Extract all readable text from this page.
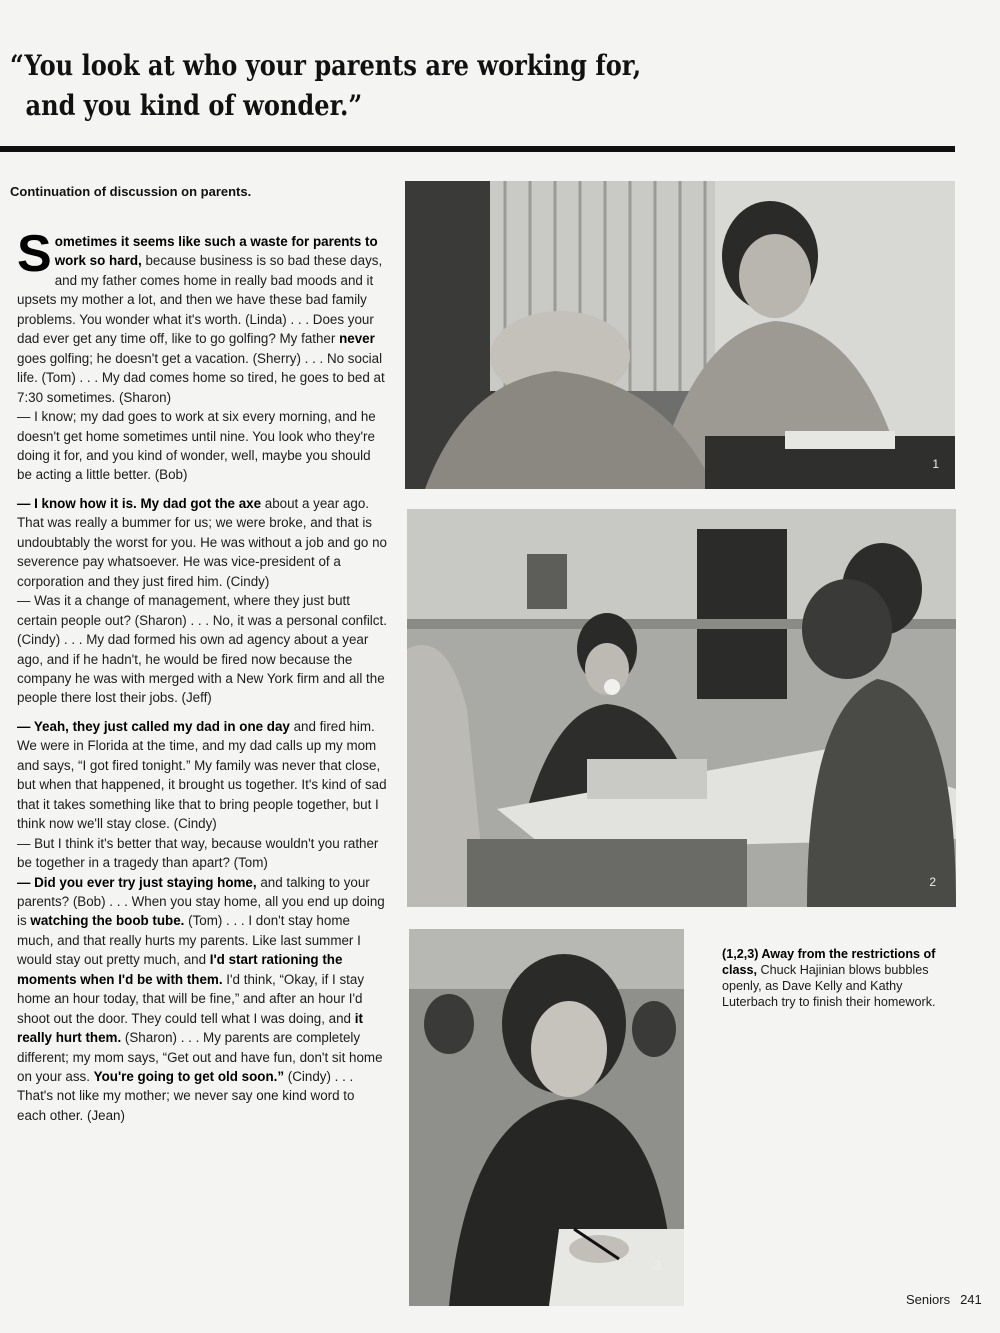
“You look at who your parents are working for,
and you kind of wonder.”
Continuation of discussion on parents.

Sometimes it seems like such a waste for parents to work so hard, because business is so bad these days, and my father comes home in really bad moods and it upsets my mother a lot, and then we have these bad family problems. You wonder what it's worth. (Linda) . . . Does your dad ever get any time off, like to go golfing? My father never goes golfing; he doesn't get a vacation. (Sherry) . . . No social life. (Tom) . . . My dad comes home so tired, he goes to bed at 7:30 sometimes. (Sharon)
— I know; my dad goes to work at six every morning, and he doesn't get home sometimes until nine. You look who they're doing it for, and you kind of wonder, well, maybe you should be acting a little better. (Bob)

— I know how it is. My dad got the axe about a year ago. That was really a bummer for us; we were broke, and that is undoubtably the worst for you. He was without a job and go no severence pay whatsoever. He was vice-president of a corporation and they just fired him. (Cindy)
— Was it a change of management, where they just butt certain people out? (Sharon) . . . No, it was a personal confilct. (Cindy) . . . My dad formed his own ad agency about a year ago, and if he hadn't, he would be fired now because the company he was with merged with a New York firm and all the people there lost their jobs. (Jeff)

— Yeah, they just called my dad in one day and fired him. We were in Florida at the time, and my dad calls up my mom and says, “I got fired tonight.” My family was never that close, but when that happened, it brought us together. It's kind of sad that it takes something like that to bring people together, but I think now we'll stay close. (Cindy)
— But I think it's better that way, because wouldn't you rather be together in a tragedy than apart? (Tom)
— Did you ever try just staying home, and talking to your parents? (Bob) . . . When you stay home, all you end up doing is watching the boob tube. (Tom) . . . I don't stay home much, and that really hurts my parents. Like last summer I would stay out pretty much, and I'd start rationing the moments when I'd be with them. I'd think, “Okay, if I stay home an hour today, that will be fine,” and after an hour I'd shoot out the door. They could tell what I was doing, and it really hurt them. (Sharon) . . . My parents are completely different; my mom says, “Get out and have fun, don't sit home on your ass. You're going to get old soon.” (Cindy) . . . That's not like my mother; we never say one kind word to each other. (Jean)

1
2
3
(1,2,3) Away from the restrictions of class, Chuck Hajinian blows bubbles openly, as Dave Kelly and Kathy Luterbach try to finish their homework.
Seniors 241
